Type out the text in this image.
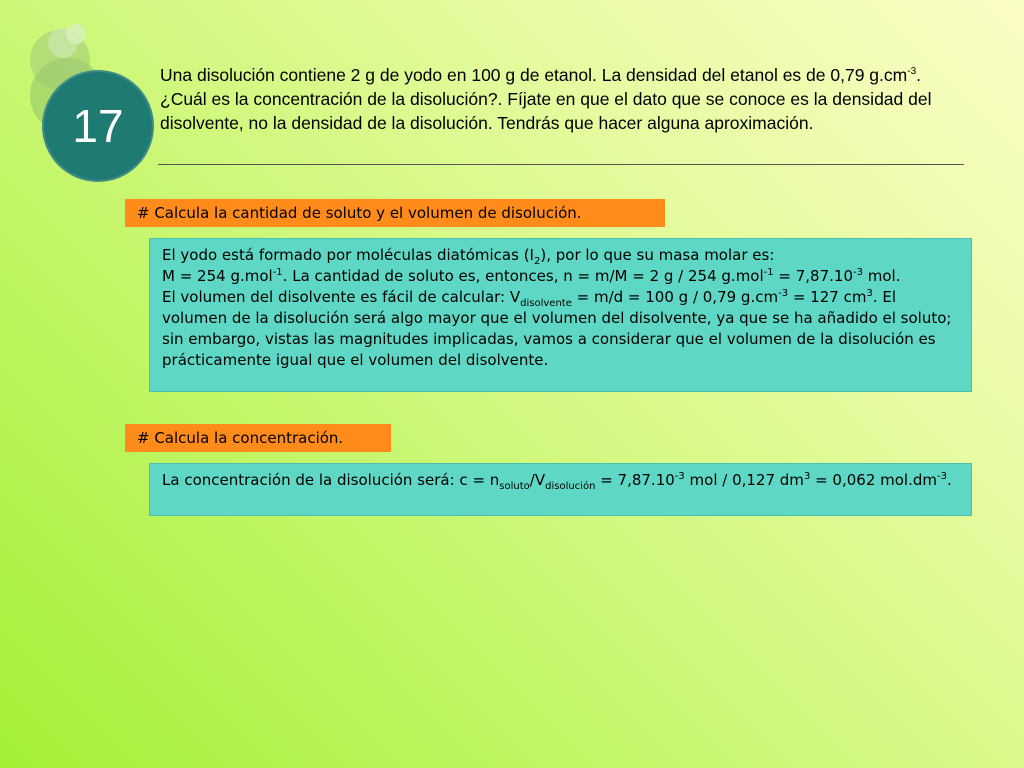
17
Una disolución contiene 2 g de yodo en 100 g de etanol. La densidad del etanol es de 0,79 $g.cm^{-3}$. ¿Cuál es la concentración de la disolución?. Fíjate en que el dato que se conoce es la densidad del disolvente, no la densidad de la disolución. Tendrás que hacer alguna aproximación.
# Calcula la cantidad de soluto y el volumen de disolución.
El yodo está formado por moléculas diatómicas $(I_2)$, por lo que su masa molar es:
M = 254 g.mol$^{-1}$. La cantidad de soluto es, entonces, n = m/M = 2 g / 254 $g.mol^{-1} = 7,87.10^{-3}$ mol.
El volumen del disolvente es fácil de calcular: $V_{disolvente} = m/d = 100$ g / 0,79 $g.cm^{-3} = 127$ $cm^3$. El volumen de la disolución será algo mayor que el volumen del disolvente, ya que se ha añadido el soluto; sin embargo, vistas las magnitudes implicadas, vamos a considerar que el volumen de la disolución es prácticamente igual que el volumen del disolvente.
# Calcula la concentración.
La concentración de la disolución será: $c = n_{soluto}/V_{disolución} = 7,87.10^{-3}$ mol / 0,127 $dm^3 = 0,062$ $mol.dm^{-3}$.
